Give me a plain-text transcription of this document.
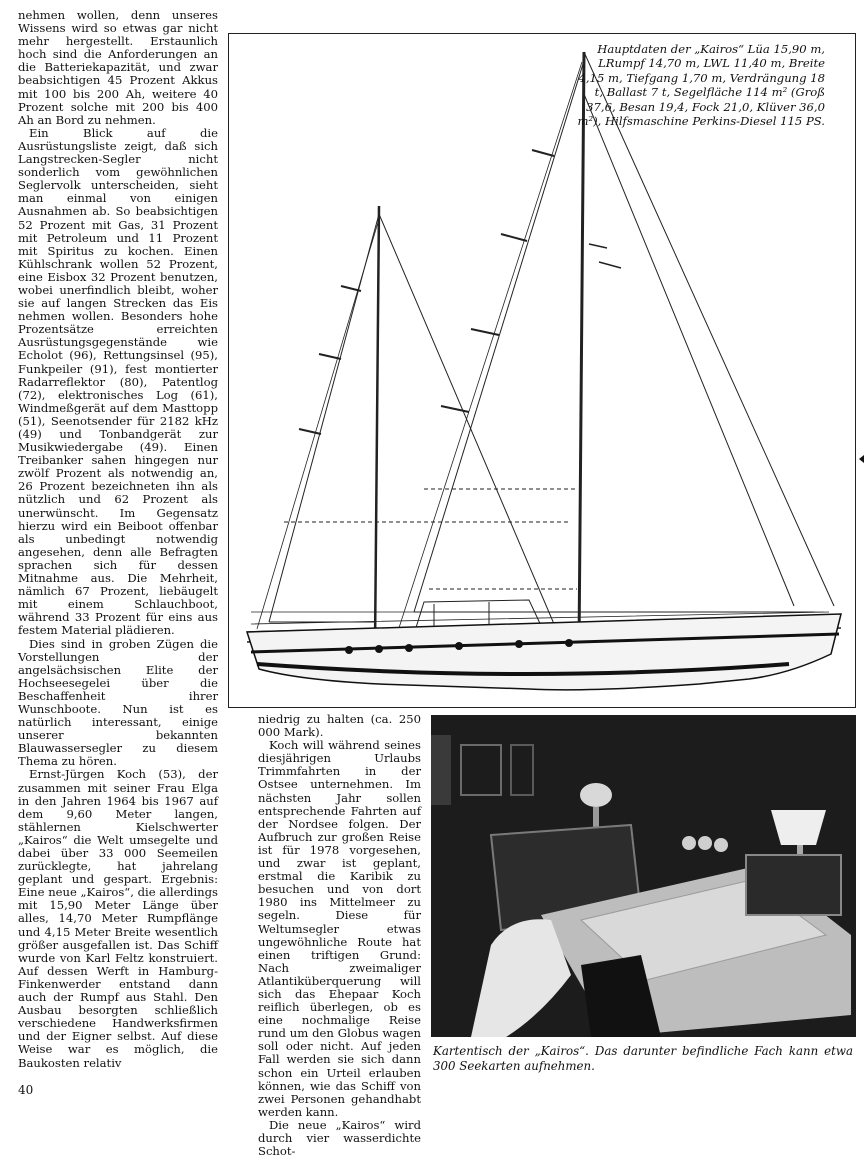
nehmen wollen, denn unseres Wissens wird so etwas gar nicht mehr hergestellt. Erstaunlich hoch sind die Anforderungen an die Batteriekapazität, und zwar beabsichtigen 45 Prozent Akkus mit 100 bis 200 Ah, weitere 40 Prozent solche mit 200 bis 400 Ah an Bord zu nehmen.

Ein Blick auf die Ausrüstungsliste zeigt, daß sich Langstrecken-Segler nicht sonderlich vom gewöhnlichen Seglervolk unterscheiden, sieht man einmal von einigen Ausnahmen ab. So beabsichtigen 52 Prozent mit Gas, 31 Prozent mit Petroleum und 11 Prozent mit Spiritus zu kochen. Einen Kühlschrank wollen 52 Prozent, eine Eisbox 32 Prozent benutzen, wobei unerfindlich bleibt, woher sie auf langen Strecken das Eis nehmen wollen. Besonders hohe Prozentsätze erreichten Ausrüstungsgegenstände wie Echolot (96), Rettungsinsel (95), Funkpeiler (91), fest montierter Radarreflektor (80), Patentlog (72), elektronisches Log (61), Windmeßgerät auf dem Masttopp (51), Seenotsender für 2182 kHz (49) und Tonbandgerät zur Musikwiedergabe (49). Einen Treibanker sahen hingegen nur zwölf Prozent als notwendig an, 26 Prozent bezeichneten ihn als nützlich und 62 Prozent als unerwünscht. Im Gegensatz hierzu wird ein Beiboot offenbar als unbedingt notwendig angesehen, denn alle Befragten sprachen sich für dessen Mitnahme aus. Die Mehrheit, nämlich 67 Prozent, liebäugelt mit einem Schlauchboot, während 33 Prozent für eins aus festem Material plädieren.

Dies sind in groben Zügen die Vorstellungen der angelsächsischen Elite der Hochseesegelei über die Beschaffenheit ihrer Wunschboote. Nun ist es natürlich interessant, einige unserer bekannten Blauwassersegler zu diesem Thema zu hören.

Ernst-Jürgen Koch (53), der zusammen mit seiner Frau Elga in den Jahren 1964 bis 1967 auf dem 9,60 Meter langen, stählernen Kielschwerter „Kairos“ die Welt umsegelte und dabei über 33 000 Seemeilen zurücklegte, hat jahrelang geplant und gespart. Ergebnis: Eine neue „Kairos“, die allerdings mit 15,90 Meter Länge über alles, 14,70 Meter Rumpflänge und 4,15 Meter Breite wesentlich größer ausgefallen ist. Das Schiff wurde von Karl Feltz konstruiert. Auf dessen Werft in Hamburg-Finkenwerder entstand dann auch der Rumpf aus Stahl. Den Ausbau besorgten schließlich verschiedene Handwerksfirmen und der Eigner selbst. Auf diese Weise war es möglich, die Baukosten relativ

Hauptdaten der „Kairos“ Lüa 15,90 m, LRumpf 14,70 m, LWL 11,40 m, Breite 4,15 m, Tiefgang 1,70 m, Verdrängung 18 t, Ballast 7 t, Segelfläche 114 m² (Groß 37,6, Besan 19,4, Fock 21,0, Klüver 36,0 m²), Hilfsmaschine Perkins-Diesel 115 PS.

niedrig zu halten (ca. 250 000 Mark).

Koch will während seines diesjährigen Urlaubs Trimmfahrten in der Ostsee unternehmen. Im nächsten Jahr sollen entsprechende Fahrten auf der Nordsee folgen. Der Aufbruch zur großen Reise ist für 1978 vorgesehen, und zwar ist geplant, erstmal die Karibik zu besuchen und von dort 1980 ins Mittelmeer zu segeln. Diese für Weltumsegler etwas ungewöhnliche Route hat einen triftigen Grund: Nach zweimaliger Atlantiküberquerung will sich das Ehepaar Koch reiflich überlegen, ob es eine nochmalige Reise rund um den Globus wagen soll oder nicht. Auf jeden Fall werden sie sich dann schon ein Urteil erlauben können, wie das Schiff von zwei Personen gehandhabt werden kann.

Die neue „Kairos“ wird durch vier wasserdichte Schot-

Kartentisch der „Kairos“. Das darunter befindliche Fach kann etwa 300 Seekarten aufnehmen.

40
